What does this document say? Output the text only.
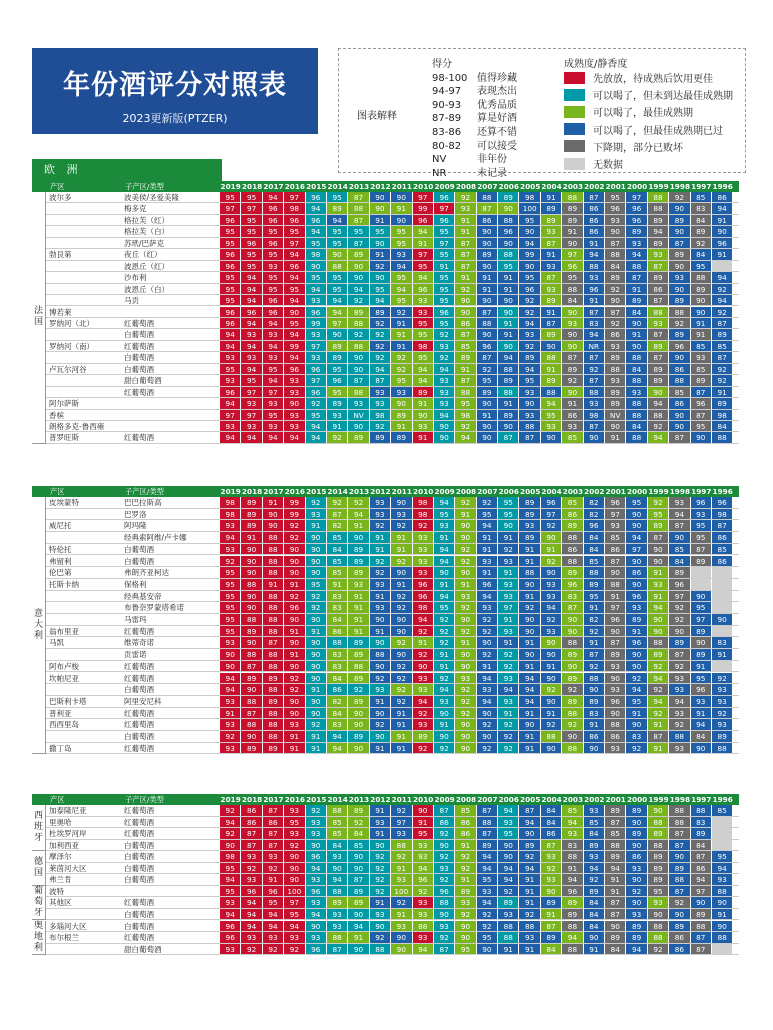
年份酒评分对照表
2023更新版(PTZER)	图表解释
得分
98-100 值得珍藏
94-97 表现杰出
90-93 优秀品质
87-89 算是好酒
83-86 还算不错
80-82 可以接受
NV	非年份
NR	未记录
成熟度/静香度
先放放，待成熟后饮用更佳
可以喝了，但未到达最佳成熟期
可以喝了，最佳成熟期
可以喝了，但最佳成熟期已过
下降期，部分已败坏
无数据
欧 洲
产区	子产区/类型	2019 2018 2017 2016 2015 2014 2013 2012 2011 2010 2009 2008 2007 2006 2005 2004 2003 2002 2001 2000 1999 1998 1997 1996
法
国
波尔多	波美侯/圣爱美隆	95	95	94	97	96	95	87	90	90	97	96	92	88	89	98	91	88	87	95	97	88	92	85	86
梅多克	97	97	96	98	94	89	88	90	91	99	97	93	87	90	100	89	89	86	96	96	88	90	83	94
格拉芙（红）	96	95	96	96	96	94	87	91	90	96	96	91	86	88	95	89	89	86	93	96	89	89	84	91
格拉芙（白）	95	95	95	95	94	95	95	95	95	94	95	91	90	96	90	93	91	86	90	89	94	90	89	90
苏玳/巴萨克	95	96	96	97	95	95	87	90	95	91	97	87	90	90	94	87	90	91	87	93	89	87	92	96
勃艮第	夜丘（红）	96	95	95	94	98	90	89	91	93	97	95	87	89	88	99	91	97	94	88	94	93	89	84	91
波恩丘（红）	96	95	93	96	90	88	90	92	94	95	91	87	90	95	90	93	96	88	84	88	87	90	95
沙布利	95	94	95	94	95	95	90	90	95	94	95	91	91	91	95	87	95	93	89	87	89	93	88	94
波恩丘（白）	95	94	95	95	94	95	94	95	94	96	95	92	91	91	96	93	88	96	92	91	86	90	89	92
马贡	95	94	96	94	93	94	92	94	95	93	95	90	90	90	92	89	84	91	90	89	87	89	90	94
博若莱	96	96	96	90	96	94	89	89	92	93	96	90	87	90	92	91	90	87	87	84	88	88	90	92
罗纳河（北）	红葡萄酒	96	94	94	95	99	97	88	92	91	95	95	86	88	91	94	87	93	83	92	90	93	92	91	87
白葡萄酒	94	93	93	94	93	90	92	92	91	95	92	87	90	91	93	89	90	94	86	91	87	89	91	89
罗纳河（南）	红葡萄酒	94	94	94	99	97	89	88	92	91	98	93	85	96	90	92	90	90	NR	93	90	89	96	85	85
白葡萄酒	93	93	93	94	93	89	90	92	92	95	92	89	87	94	89	88	87	87	89	88	87	90	93	87
卢瓦尔河谷	白葡萄酒	95	94	95	96	96	95	90	94	92	94	94	91	92	88	94	91	89	92	88	84	89	86	85	92
甜白葡萄酒	93	95	94	93	97	96	87	87	95	94	93	87	95	89	95	89	92	87	93	88	89	88	89	92
红葡萄酒	96	97	97	93	96	95	88	93	93	89	93	88	89	88	93	88	90	88	89	93	90	85	87	91
阿尔萨斯	94	93	93	90	92	89	93	93	90	91	93	95	90	91	90	94	91	93	89	88	94	86	96	89
香槟	97	97	95	93	95	93	NV	98	89	90	94	98	91	89	93	95	86	98	NV	88	88	90	87	98
朗格多克-鲁西雍	93	93	93	93	94	91	90	92	91	93	90	92	90	90	88	93	93	87	90	84	92	90	95	84
普罗旺斯	红葡萄酒	94	94	94	94	94	92	89	89	89	91	90	94	90	87	87	90	85	90	91	88	94	87	90	88
产区	子产区/类型	2019 2018 2017 2016 2015 2014 2013 2012 2011 2010 2009 2008 2007 2006 2005 2004 2003 2002 2001 2000 1999 1998 1997 1996
意
大
利
皮埃蒙特	巴巴拉斯高	98	89	91	99	92	92	92	93	90	98	94	92	92	95	89	96	85	82	96	95	92	93	96	96
巴罗洛	98	89	90	99	93	87	94	93	93	98	95	91	95	95	89	97	86	82	97	90	95	94	93	98
威尼托	阿玛隆	93	89	90	92	91	82	91	92	92	92	93	90	94	90	93	92	89	96	93	90	89	87	95	87
经典索阿维/卢卡娜	94	91	88	92	90	85	90	91	91	93	91	90	91	91	89	90	88	84	85	94	87	90	95	86
特伦托	白葡萄酒	93	90	88	90	90	84	89	91	91	93	94	92	91	92	91	91	86	84	86	97	90	85	87	85
弗留利	白葡萄酒	92	90	88	90	90	85	89	92	92	93	94	92	93	93	91	92	88	85	87	90	90	84	89	86
伦巴第	弗朗齐亚柯达	95	90	88	90	90	85	89	92	90	93	90	90	91	91	88	90	89	88	90	86	91	89
托斯卡纳	保格利	95	88	91	91	95	91	93	93	91	96	91	91	96	93	90	93	96	89	88	90	93	96
经典基安帝	95	90	88	92	92	83	91	91	92	96	94	93	94	93	91	93	83	95	91	96	91	97	90
布鲁奈罗蒙塔希诺	95	90	88	96	92	83	91	93	92	98	95	92	93	97	92	94	87	91	97	93	94	92	95
马雷玛	95	88	88	90	90	84	91	90	90	94	92	90	92	91	90	92	90	82	96	89	90	92	97	90
翁布里亚	红葡萄酒	95	89	88	91	91	86	91	91	90	92	92	92	92	93	90	93	90	92	90	91	90	90	89
马凯	维蒂奇诺	93	90	87	90	90	88	89	90	92	91	92	91	90	91	91	90	88	91	87	96	88	89	90	83
贡雷诺	90	88	88	91	90	83	89	88	90	92	91	90	92	92	90	90	89	87	89	90	89	87	89	91
阿布卢梭	红葡萄酒	90	87	88	90	90	83	88	90	92	90	91	90	91	92	91	91	90	92	93	90	92	92	91
坎帕尼亚	红葡萄酒	94	89	89	92	90	84	89	92	92	93	92	93	94	93	94	90	89	88	90	92	94	93	95	92
白葡萄酒	94	90	88	92	91	86	92	93	92	93	94	92	93	94	94	92	92	90	93	94	92	93	96	93
巴斯利卡塔	阿里安尼科	93	88	89	90	90	82	89	91	92	94	93	92	94	93	94	90	89	89	96	95	94	94	93	93
普利亚	红葡萄酒	91	87	88	90	90	84	90	90	91	92	90	92	90	91	91	91	88	83	90	91	92	93	91	92
西西里岛	红葡萄酒	93	88	88	93	92	83	90	92	91	93	91	90	92	92	90	92	92	91	88	90	91	92	94	93
白葡萄酒	92	90	88	91	91	94	89	90	91	89	90	90	90	92	91	88	90	86	86	83	87	88	84	89
撒丁岛	红葡萄酒	93	89	89	91	91	94	90	91	91	92	92	90	92	92	91	90	88	90	93	92	91	93	90	88
产区	子产区/类型	2019 2018 2017 2016 2015 2014 2013 2012 2011 2010 2009 2008 2007 2006 2005 2004 2003 2002 2001 2000 1999 1998 1997 1996
西
班
牙
加泰隆尼亚	红葡萄酒	92	86	87	93	92	88	89	91	92	90	87	85	87	94	87	84	85	93	89	89	90	88	88	85
里奥哈	红葡萄酒	94	86	86	95	93	85	92	93	97	91	86	86	88	93	94	84	94	85	87	90	88	88	83
杜埃罗河岸	红葡萄酒	92	87	87	93	93	85	84	91	93	95	92	86	87	95	90	86	93	84	85	89	89	87	89
加利西亚	白葡萄酒	90	87	87	92	90	84	85	90	88	93	90	91	89	90	89	87	83	89	88	90	88	87	84
德
国
摩泽尔	白葡萄酒	98	93	93	90	96	93	90	92	92	93	92	92	94	90	92	93	88	93	89	86	89	90	87	95
莱茵河大区	白葡萄酒	95	92	92	90	94	90	90	92	91	94	93	92	94	94	94	92	91	94	94	93	89	89	86	94
弗兰肯	白葡萄酒	94	93	91	90	93	94	87	92	93	96	92	91	95	94	91	93	94	92	91	90	89	88	94	93
葡
萄
牙
波特	95	96	96	100	96	88	89	92	100	92	96	89	93	92	91	90	96	89	91	92	95	87	97	88
其他区	红葡萄酒	93	94	95	97	93	89	89	91	92	93	88	93	94	89	91	89	89	84	87	90	93	92	90	90
白葡萄酒	94	94	94	95	94	93	90	93	91	93	90	92	92	93	92	91	89	84	87	93	90	90	89	91
奥
地
利
多瑙河大区	白葡萄酒	96	94	94	94	90	93	94	90	93	88	93	90	92	88	88	87	88	84	90	89	88	89	88	90
布尔根兰	红葡萄酒	96	93	93	93	93	88	91	92	90	93	92	90	95	88	93	89	94	90	89	89	88	86	87	88
甜白葡萄酒	93	92	92	92	96	87	90	88	90	94	87	95	90	91	91	84	88	91	84	94	92	86	87
